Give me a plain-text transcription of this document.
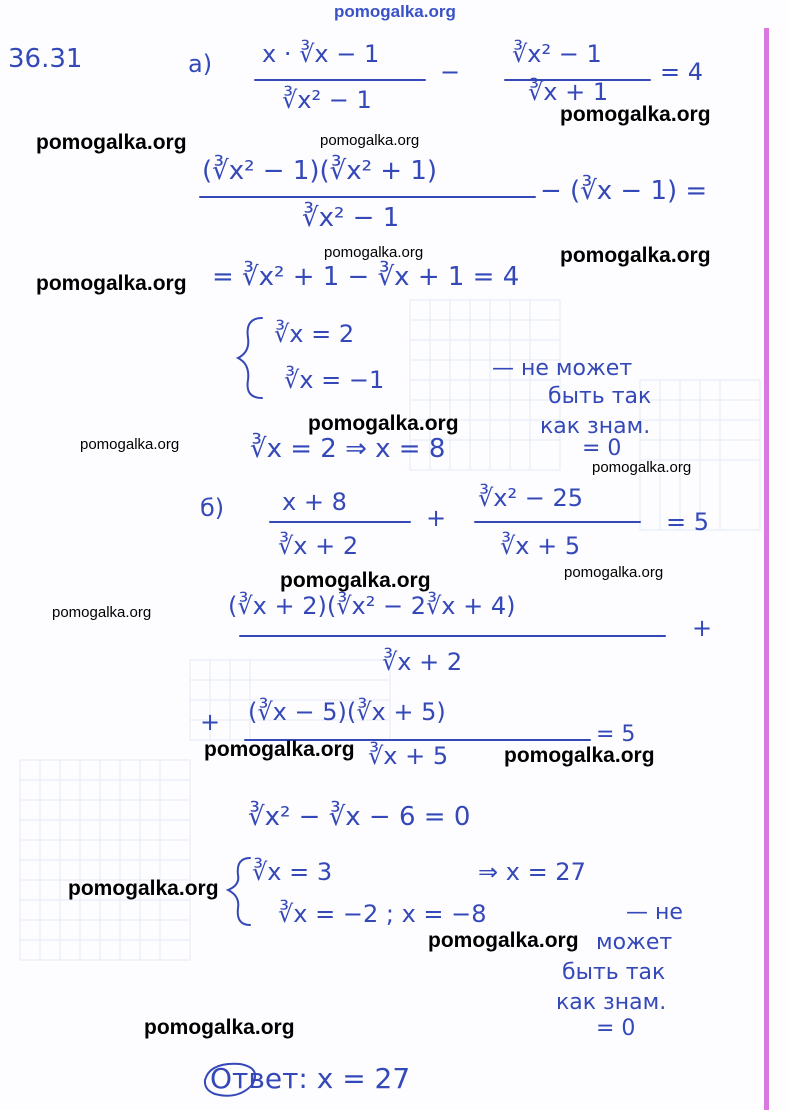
pomogalka.org
36.31	а) x · ∛x − 1
∛x² − 1
−
∛x² − 1
∛x + 1
= 4
(∛x² − 1)(∛x² + 1)
∛x² − 1
− (∛x − 1) =
= ∛x² + 1 − ∛x + 1 = 4
∛x = 2
∛x = −1	— не может
быть так
как знам.
= 0
∛x = 2 ⇒ x = 8
б) x + 8
∛x + 2
+
∛x² − 25
∛x + 5
= 5
(∛x + 2)(∛x² − 2∛x + 4)
∛x + 2
+
+ (∛x − 5)(∛x + 5)
∛x + 5
= 5
∛x² − ∛x − 6 = 0
∛x = 3	⇒ x = 27
∛x = −2 ; x = −8	— не
может
быть так
как знам.
= 0
Ответ: x = 27
pomogalka.org	pomogalka.org
pomogalka.org
pomogalka.org	pomogalka.org
pomogalka.org
pomogalka.org
pomogalka.org
pomogalka.org
pomogalka.org	pomogalka.org
pomogalka.org
pomogalka.org	pomogalka.org
pomogalka.org
pomogalka.org
pomogalka.org
